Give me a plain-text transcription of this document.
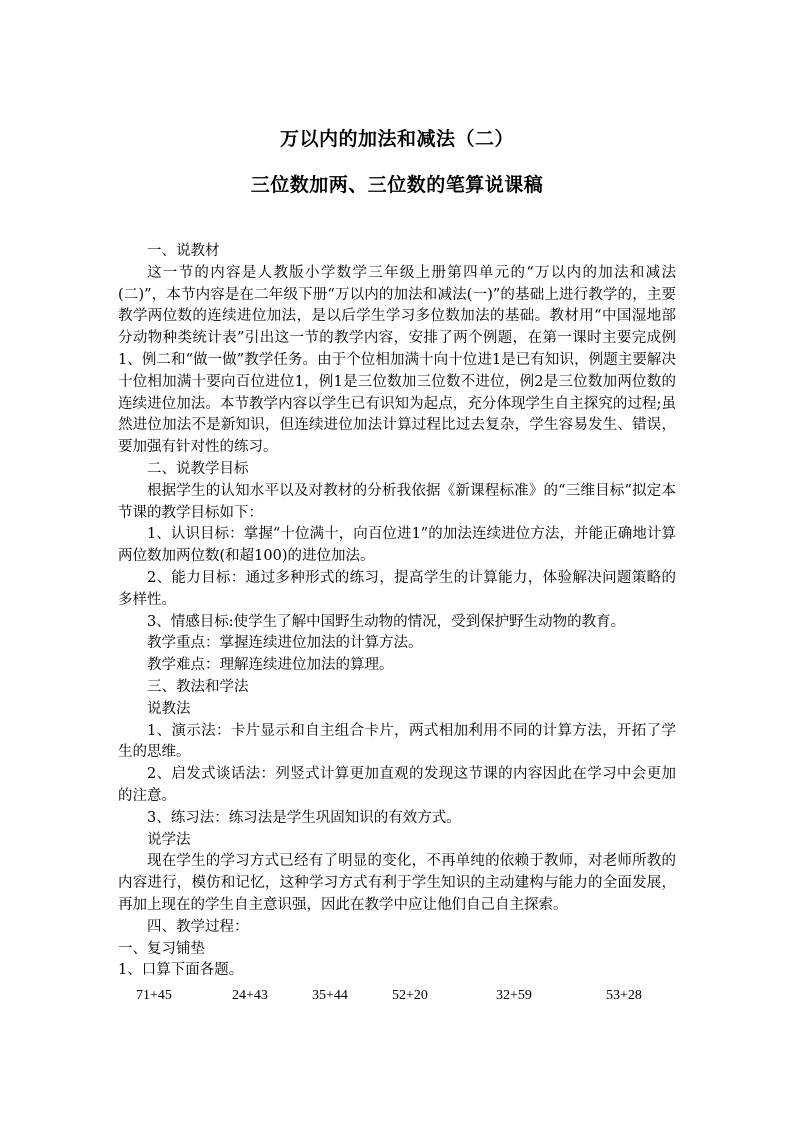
万以内的加法和减法（二）
三位数加两、三位数的笔算说课稿

一、说教材

这一节的内容是人教版小学数学三年级上册第四单元的“万以内的加法和减法(二)”，本节内容是在二年级下册“万以内的加法和减法(一)”的基础上进行教学的，主要教学两位数的连续进位加法，是以后学生学习多位数加法的基础。教材用“中国湿地部分动物种类统计表”引出这一节的教学内容，安排了两个例题，在第一课时主要完成例1、例二和“做一做”教学任务。由于个位相加满十向十位进1是已有知识，例题主要解决十位相加满十要向百位进位1，例1是三位数加三位数不进位，例2是三位数加两位数的连续进位加法。本节教学内容以学生已有识知为起点，充分体现学生自主探究的过程;虽然进位加法不是新知识，但连续进位加法计算过程比过去复杂，学生容易发生、错误，要加强有针对性的练习。

二、说教学目标

根据学生的认知水平以及对教材的分析我依据《新课程标准》的“三维目标”拟定本节课的教学目标如下：

1、认识目标：掌握“十位满十，向百位进1”的加法连续进位方法，并能正确地计算两位数加两位数(和超100)的进位加法。

2、能力目标：通过多种形式的练习，提高学生的计算能力，体验解决问题策略的多样性。

3、情感目标:使学生了解中国野生动物的情况，受到保护野生动物的教育。

教学重点：掌握连续进位加法的计算方法。

教学难点：理解连续进位加法的算理。

三、教法和学法

说教法

1、演示法：卡片显示和自主组合卡片，两式相加利用不同的计算方法，开拓了学生的思维。

2、启发式谈话法：列竖式计算更加直观的发现这节课的内容因此在学习中会更加的注意。

3、练习法：练习法是学生巩固知识的有效方式。

说学法

现在学生的学习方式已经有了明显的变化，不再单纯的依赖于教师，对老师所教的内容进行，模仿和记忆，这种学习方式有利于学生知识的主动建构与能力的全面发展，再加上现在的学生自主意识强，因此在教学中应让他们自己自主探索。

四、教学过程：

一、复习铺垫

1、口算下面各题。

71+45	24+43	35+44	52+20	32+59	53+28
